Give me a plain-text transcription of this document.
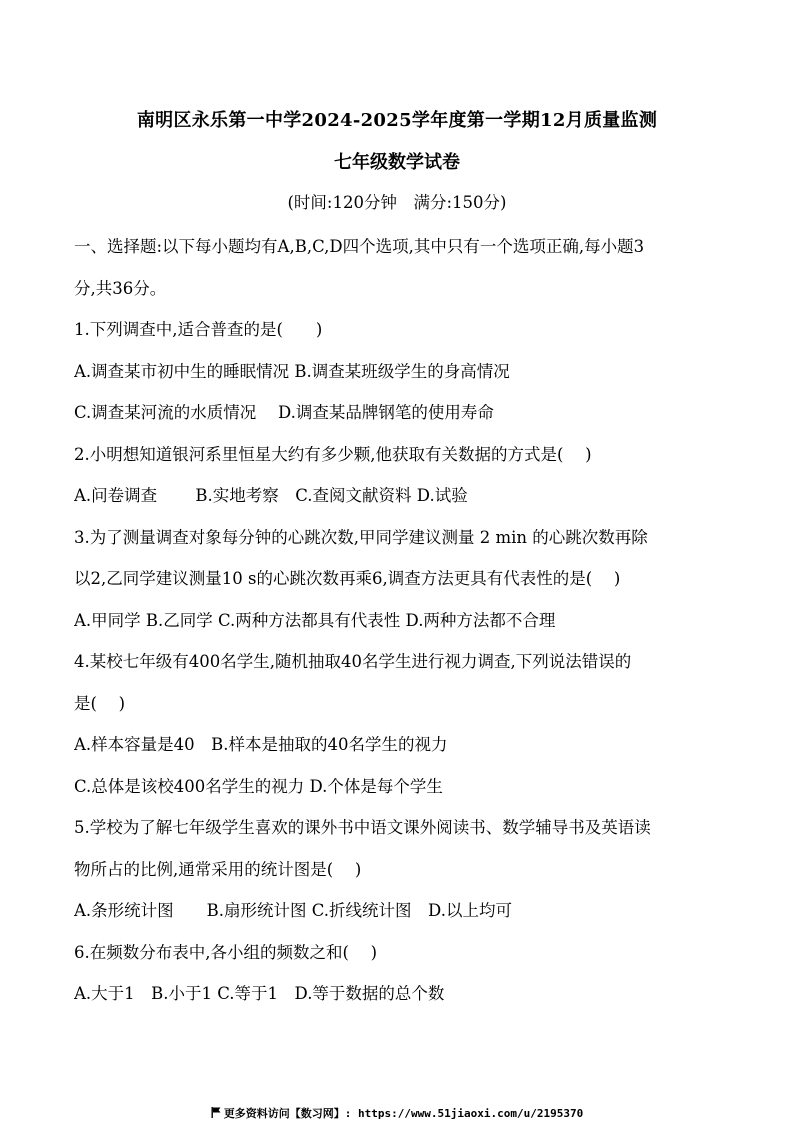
南明区永乐第一中学2024-2025学年度第一学期12月质量监测
七年级数学试卷
(时间:120分钟　满分:150分)
一、选择题:以下每小题均有A,B,C,D四个选项,其中只有一个选项正确,每小题3
分,共36分。
1.下列调查中,适合普查的是(　　)
A.调查某市初中生的睡眠情况 B.调查某班级学生的身高情况
C.调查某河流的水质情况　 D.调查某品牌钢笔的使用寿命
2.小明想知道银河系里恒星大约有多少颗,他获取有关数据的方式是(　 )
A.问卷调查　　 B.实地考察　C.查阅文献资料 D.试验
3.为了测量调查对象每分钟的心跳次数,甲同学建议测量 2 min 的心跳次数再除
以2,乙同学建议测量10 s的心跳次数再乘6,调查方法更具有代表性的是(　 )
A.甲同学 B.乙同学 C.两种方法都具有代表性 D.两种方法都不合理
4.某校七年级有400名学生,随机抽取40名学生进行视力调查,下列说法错误的
是(　 )
A.样本容量是40　B.样本是抽取的40名学生的视力
C.总体是该校400名学生的视力 D.个体是每个学生
5.学校为了解七年级学生喜欢的课外书中语文课外阅读书、数学辅导书及英语读
物所占的比例,通常采用的统计图是(　 )
A.条形统计图　　B.扇形统计图 C.折线统计图　D.以上均可
6.在频数分布表中,各小组的频数之和(　 )
A.大于1　B.小于1 C.等于1　D.等于数据的总个数
更多资料访问【数习网】: https://www.51jiaoxi.com/u/2195370
